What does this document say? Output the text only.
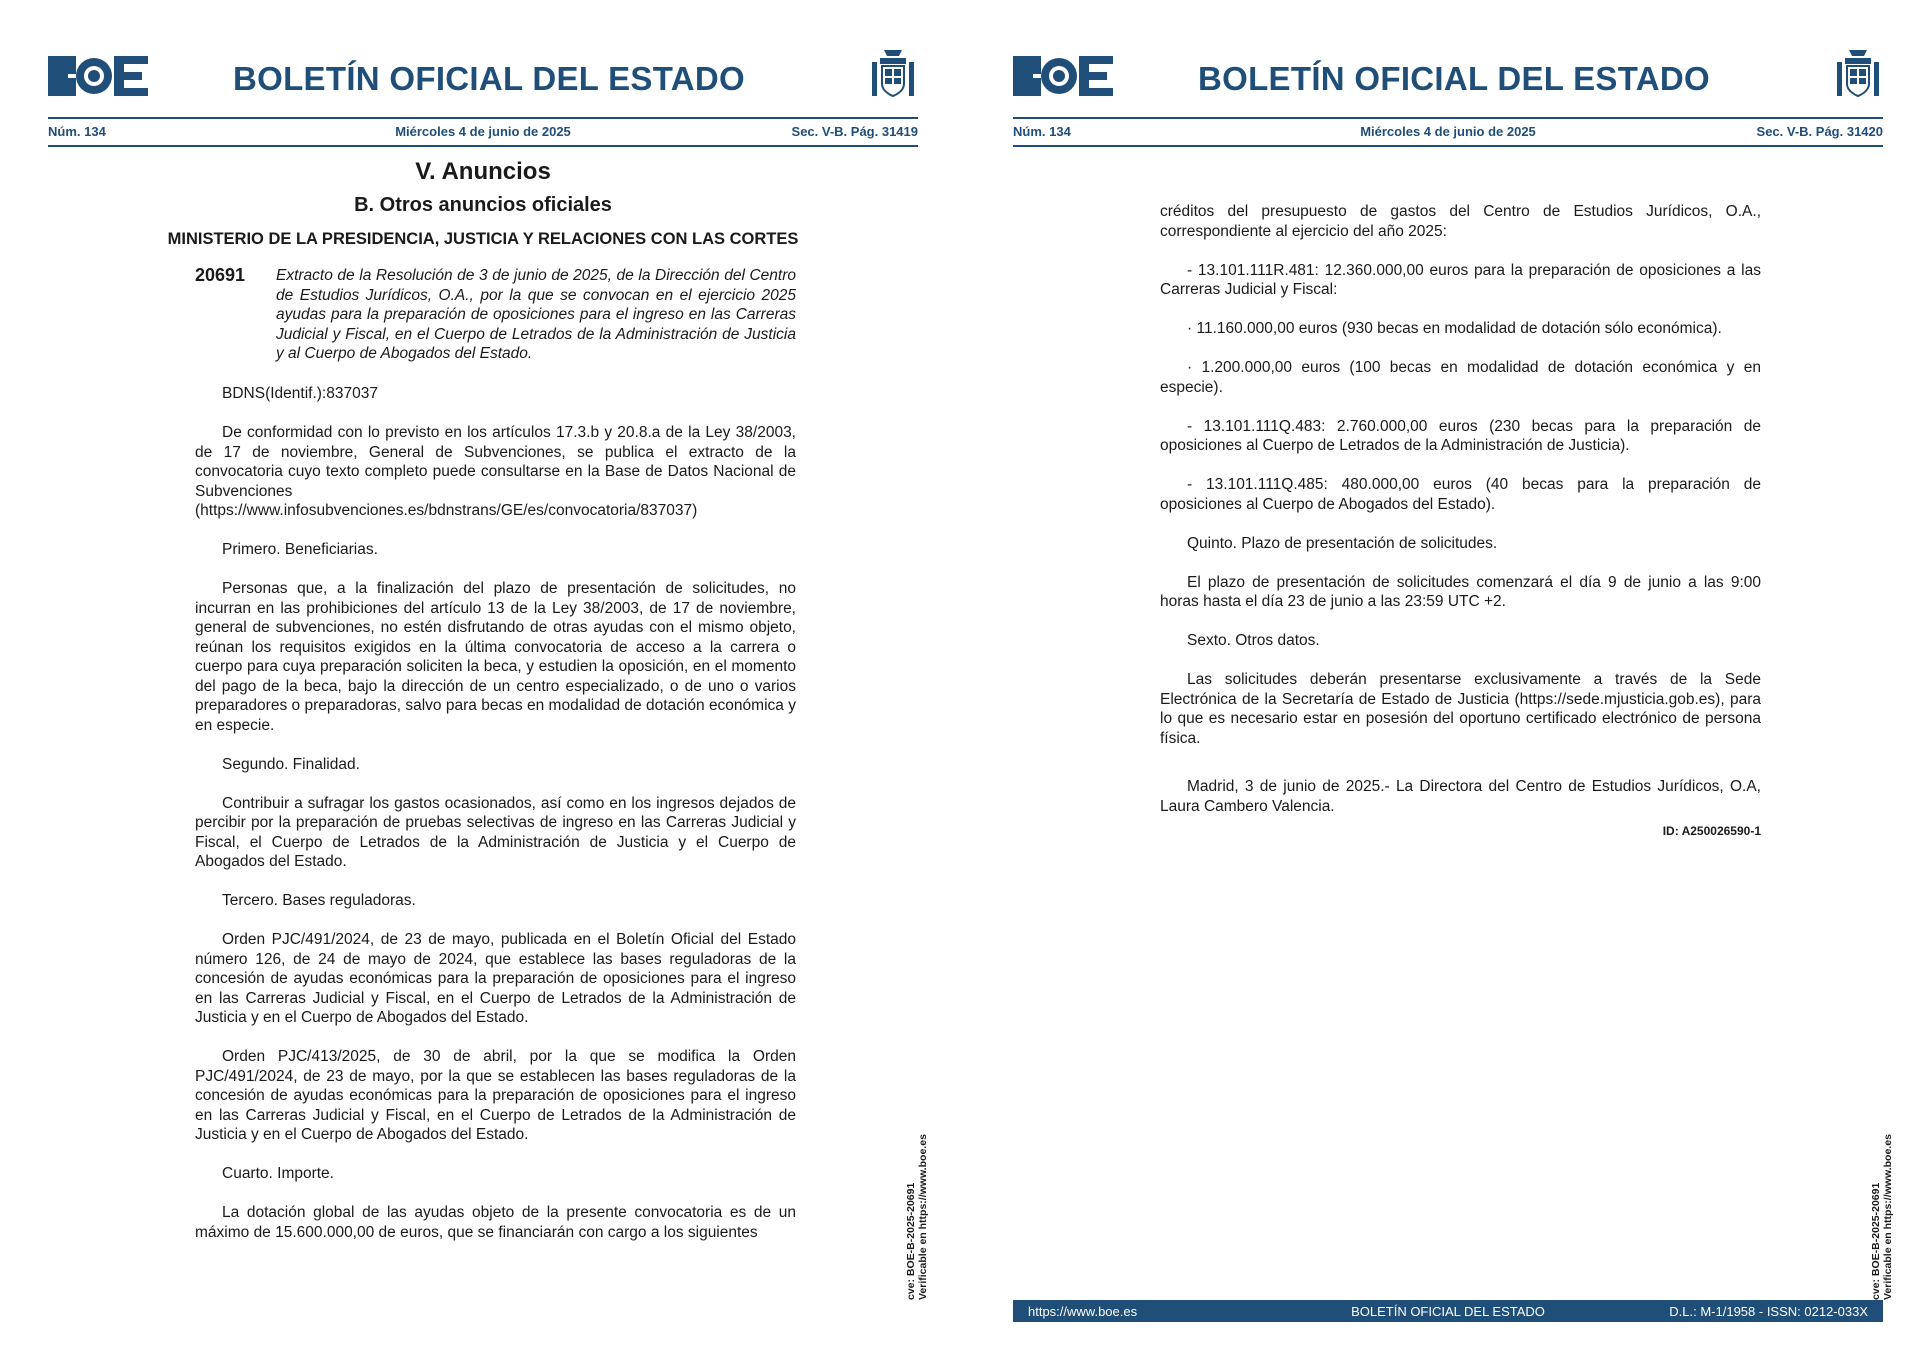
BOLETÍN OFICIAL DEL ESTADO
Núm. 134	Miércoles 4 de junio de 2025	Sec. V-B. Pág. 31419
V. Anuncios
B. Otros anuncios oficiales
MINISTERIO DE LA PRESIDENCIA, JUSTICIA Y RELACIONES CON LAS CORTES
20691 Extracto de la Resolución de 3 de junio de 2025, de la Dirección del Centro de Estudios Jurídicos, O.A., por la que se convocan en el ejercicio 2025 ayudas para la preparación de oposiciones para el ingreso en las Carreras Judicial y Fiscal, en el Cuerpo de Letrados de la Administración de Justicia y al Cuerpo de Abogados del Estado.

BDNS(Identif.):837037

De conformidad con lo previsto en los artículos 17.3.b y 20.8.a de la Ley 38/2003, de 17 de noviembre, General de Subvenciones, se publica el extracto de la convocatoria cuyo texto completo puede consultarse en la Base de Datos Nacional de Subvenciones (https://www.infosubvenciones.es/bdnstrans/GE/es/convocatoria/837037)

Primero. Beneficiarias.

Personas que, a la finalización del plazo de presentación de solicitudes, no incurran en las prohibiciones del artículo 13 de la Ley 38/2003, de 17 de noviembre, general de subvenciones, no estén disfrutando de otras ayudas con el mismo objeto, reúnan los requisitos exigidos en la última convocatoria de acceso a la carrera o cuerpo para cuya preparación soliciten la beca, y estudien la oposición, en el momento del pago de la beca, bajo la dirección de un centro especializado, o de uno o varios preparadores o preparadoras, salvo para becas en modalidad de dotación económica y en especie.

Segundo. Finalidad.

Contribuir a sufragar los gastos ocasionados, así como en los ingresos dejados de percibir por la preparación de pruebas selectivas de ingreso en las Carreras Judicial y Fiscal, el Cuerpo de Letrados de la Administración de Justicia y el Cuerpo de Abogados del Estado.

Tercero. Bases reguladoras.

Orden PJC/491/2024, de 23 de mayo, publicada en el Boletín Oficial del Estado número 126, de 24 de mayo de 2024, que establece las bases reguladoras de la concesión de ayudas económicas para la preparación de oposiciones para el ingreso en las Carreras Judicial y Fiscal, en el Cuerpo de Letrados de la Administración de Justicia y en el Cuerpo de Abogados del Estado.

Orden PJC/413/2025, de 30 de abril, por la que se modifica la Orden PJC/491/2024, de 23 de mayo, por la que se establecen las bases reguladoras de la concesión de ayudas económicas para la preparación de oposiciones para el ingreso en las Carreras Judicial y Fiscal, en el Cuerpo de Letrados de la Administración de Justicia y en el Cuerpo de Abogados del Estado.

Cuarto. Importe.

La dotación global de las ayudas objeto de la presente convocatoria es de un máximo de 15.600.000,00 de euros, que se financiarán con cargo a los siguientes	cve: BOE-B-2025-20691 Verificable en https://www.boe.es
BOLETÍN OFICIAL DEL ESTADO
Núm. 134	Miércoles 4 de junio de 2025	Sec. V-B. Pág. 31420

créditos del presupuesto de gastos del Centro de Estudios Jurídicos, O.A., correspondiente al ejercicio del año 2025:

- 13.101.111R.481: 12.360.000,00 euros para la preparación de oposiciones a las Carreras Judicial y Fiscal:

· 11.160.000,00 euros (930 becas en modalidad de dotación sólo económica).

· 1.200.000,00 euros (100 becas en modalidad de dotación económica y en especie).

- 13.101.111Q.483: 2.760.000,00 euros (230 becas para la preparación de oposiciones al Cuerpo de Letrados de la Administración de Justicia).

- 13.101.111Q.485: 480.000,00 euros (40 becas para la preparación de oposiciones al Cuerpo de Abogados del Estado).

Quinto. Plazo de presentación de solicitudes.

El plazo de presentación de solicitudes comenzará el día 9 de junio a las 9:00 horas hasta el día 23 de junio a las 23:59 UTC +2.

Sexto. Otros datos.

Las solicitudes deberán presentarse exclusivamente a través de la Sede Electrónica de la Secretaría de Estado de Justicia (https://sede.mjusticia.gob.es), para lo que es necesario estar en posesión del oportuno certificado electrónico de persona física.

Madrid, 3 de junio de 2025.- La Directora del Centro de Estudios Jurídicos, O.A, Laura Cambero Valencia.

ID: A250026590-1
cve: BOE-B-2025-20691 Verificable en https://www.boe.es
https://www.boe.es	BOLETÍN OFICIAL DEL ESTADO	D.L.: M-1/1958 - ISSN: 0212-033X
